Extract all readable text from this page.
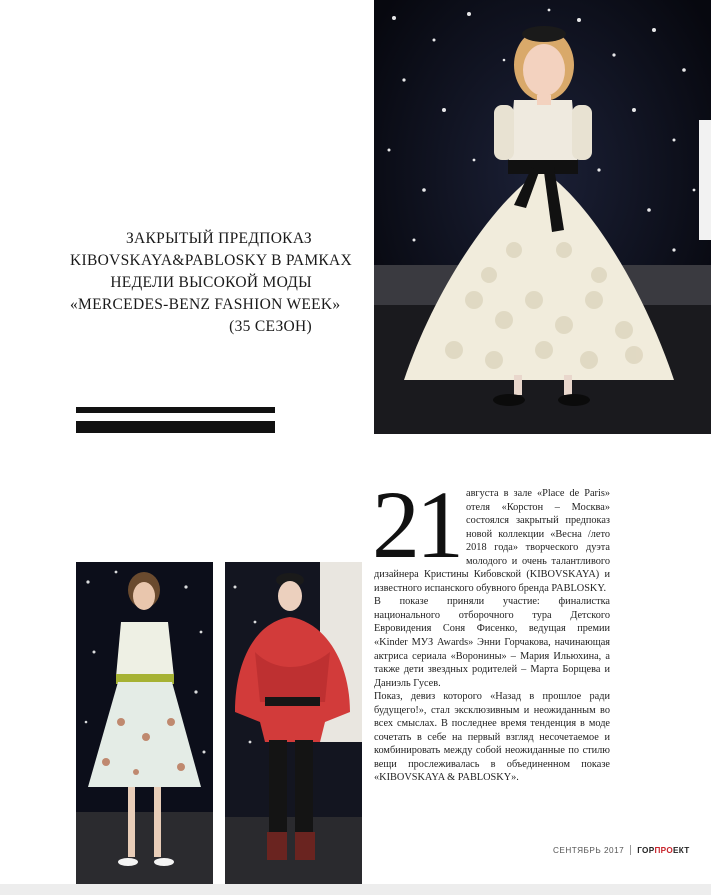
ЗАКРЫТЫЙ ПРЕДПОКАЗ
KIBOVSKAYA&PABLOSKY В РАМКАХ
НЕДЕЛИ ВЫСОКОЙ МОДЫ
«MERCEDES-BENZ FASHION WEEK»
(35 СЕЗОН)
21 августа в зале «Place de Paris» отеля «Корстон – Москва» состоялся закрытый предпоказ новой коллекции «Весна /лето 2018 года» творческого дуэта молодого и очень талантливого дизайнера Кристины Кибовской (KIBOVSKAYA) и известного испанского обувного бренда PABLOSKY.

В показе приняли участие: финалистка национального отборочного тура Детского Евровидения Соня Фисенко, ведущая премии «Kinder МУЗ Awards» Энни Горчакова, начинающая актриса сериала «Воронины» – Мария Ильюхина, а также дети звездных родителей – Марта Борщева и Даниэль Гусев.

Показ, девиз которого «Назад в прошлое ради будущего!», стал эксклюзивным и неожиданным во всех смыслах. В последнее время тенденция в моде сочетать в себе на первый взгляд несочетаемое и комбинировать между собой неожиданные по стилю вещи прослеживалась в объединенном показе «KIBOVSKAYA & PABLOSKY».

СЕНТЯБРЬ 2017 ГОРПРОЕКТ
